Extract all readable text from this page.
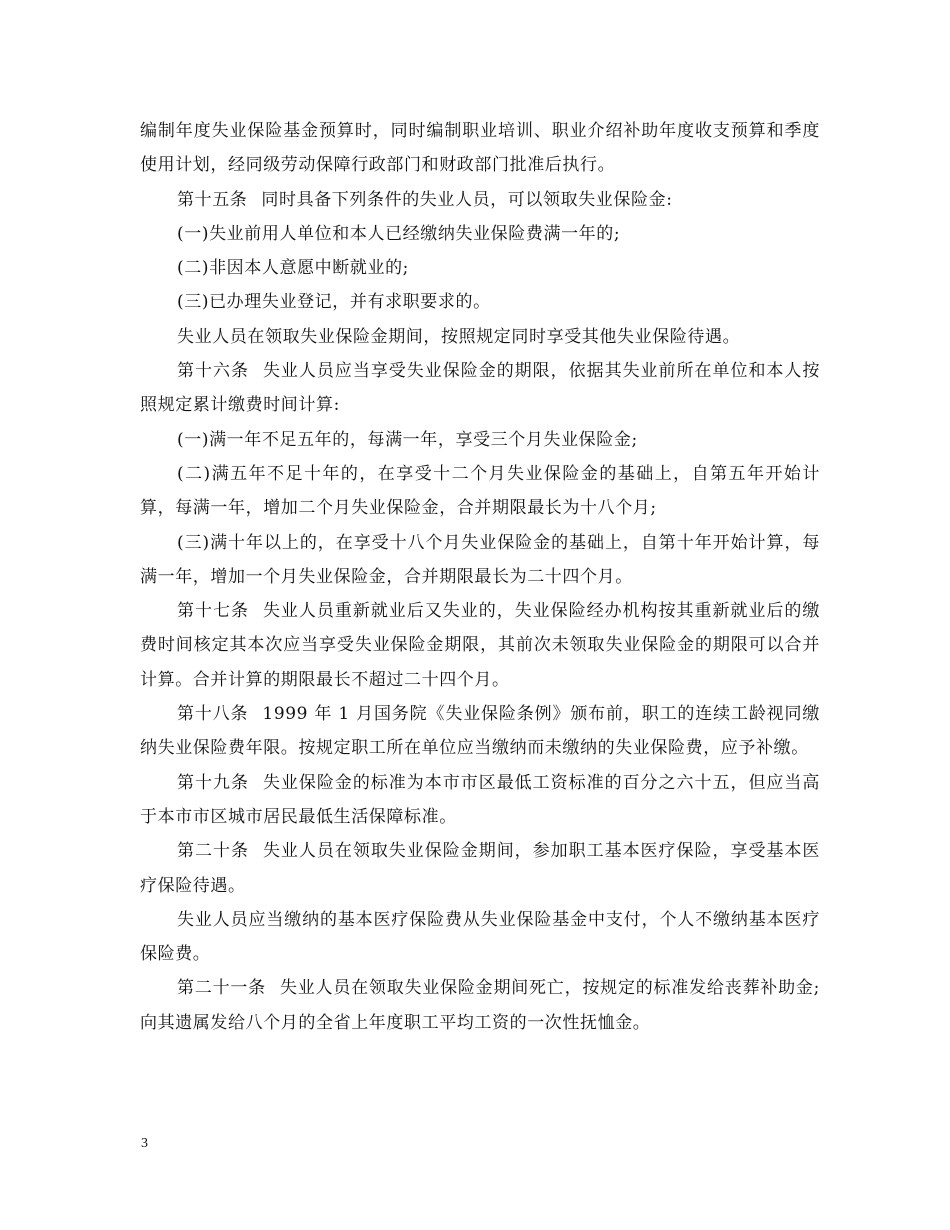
编制年度失业保险基金预算时，同时编制职业培训、职业介绍补助年度收支预算和季度使用计划，经同级劳动保障行政部门和财政部门批准后执行。

第十五条 同时具备下列条件的失业人员，可以领取失业保险金:

(一)失业前用人单位和本人已经缴纳失业保险费满一年的;

(二)非因本人意愿中断就业的;

(三)已办理失业登记，并有求职要求的。

失业人员在领取失业保险金期间，按照规定同时享受其他失业保险待遇。

第十六条 失业人员应当享受失业保险金的期限，依据其失业前所在单位和本人按照规定累计缴费时间计算:

(一)满一年不足五年的，每满一年，享受三个月失业保险金;

(二)满五年不足十年的，在享受十二个月失业保险金的基础上，自第五年开始计算，每满一年，增加二个月失业保险金，合并期限最长为十八个月;

(三)满十年以上的，在享受十八个月失业保险金的基础上，自第十年开始计算，每满一年，增加一个月失业保险金，合并期限最长为二十四个月。

第十七条 失业人员重新就业后又失业的，失业保险经办机构按其重新就业后的缴费时间核定其本次应当享受失业保险金期限，其前次未领取失业保险金的期限可以合并计算。合并计算的期限最长不超过二十四个月。

第十八条 1999 年 1 月国务院《失业保险条例》颁布前，职工的连续工龄视同缴纳失业保险费年限。按规定职工所在单位应当缴纳而未缴纳的失业保险费，应予补缴。

第十九条 失业保险金的标准为本市市区最低工资标准的百分之六十五，但应当高于本市市区城市居民最低生活保障标准。

第二十条 失业人员在领取失业保险金期间，参加职工基本医疗保险，享受基本医疗保险待遇。

失业人员应当缴纳的基本医疗保险费从失业保险基金中支付，个人不缴纳基本医疗保险费。

第二十一条 失业人员在领取失业保险金期间死亡，按规定的标准发给丧葬补助金;向其遗属发给八个月的全省上年度职工平均工资的一次性抚恤金。

3
